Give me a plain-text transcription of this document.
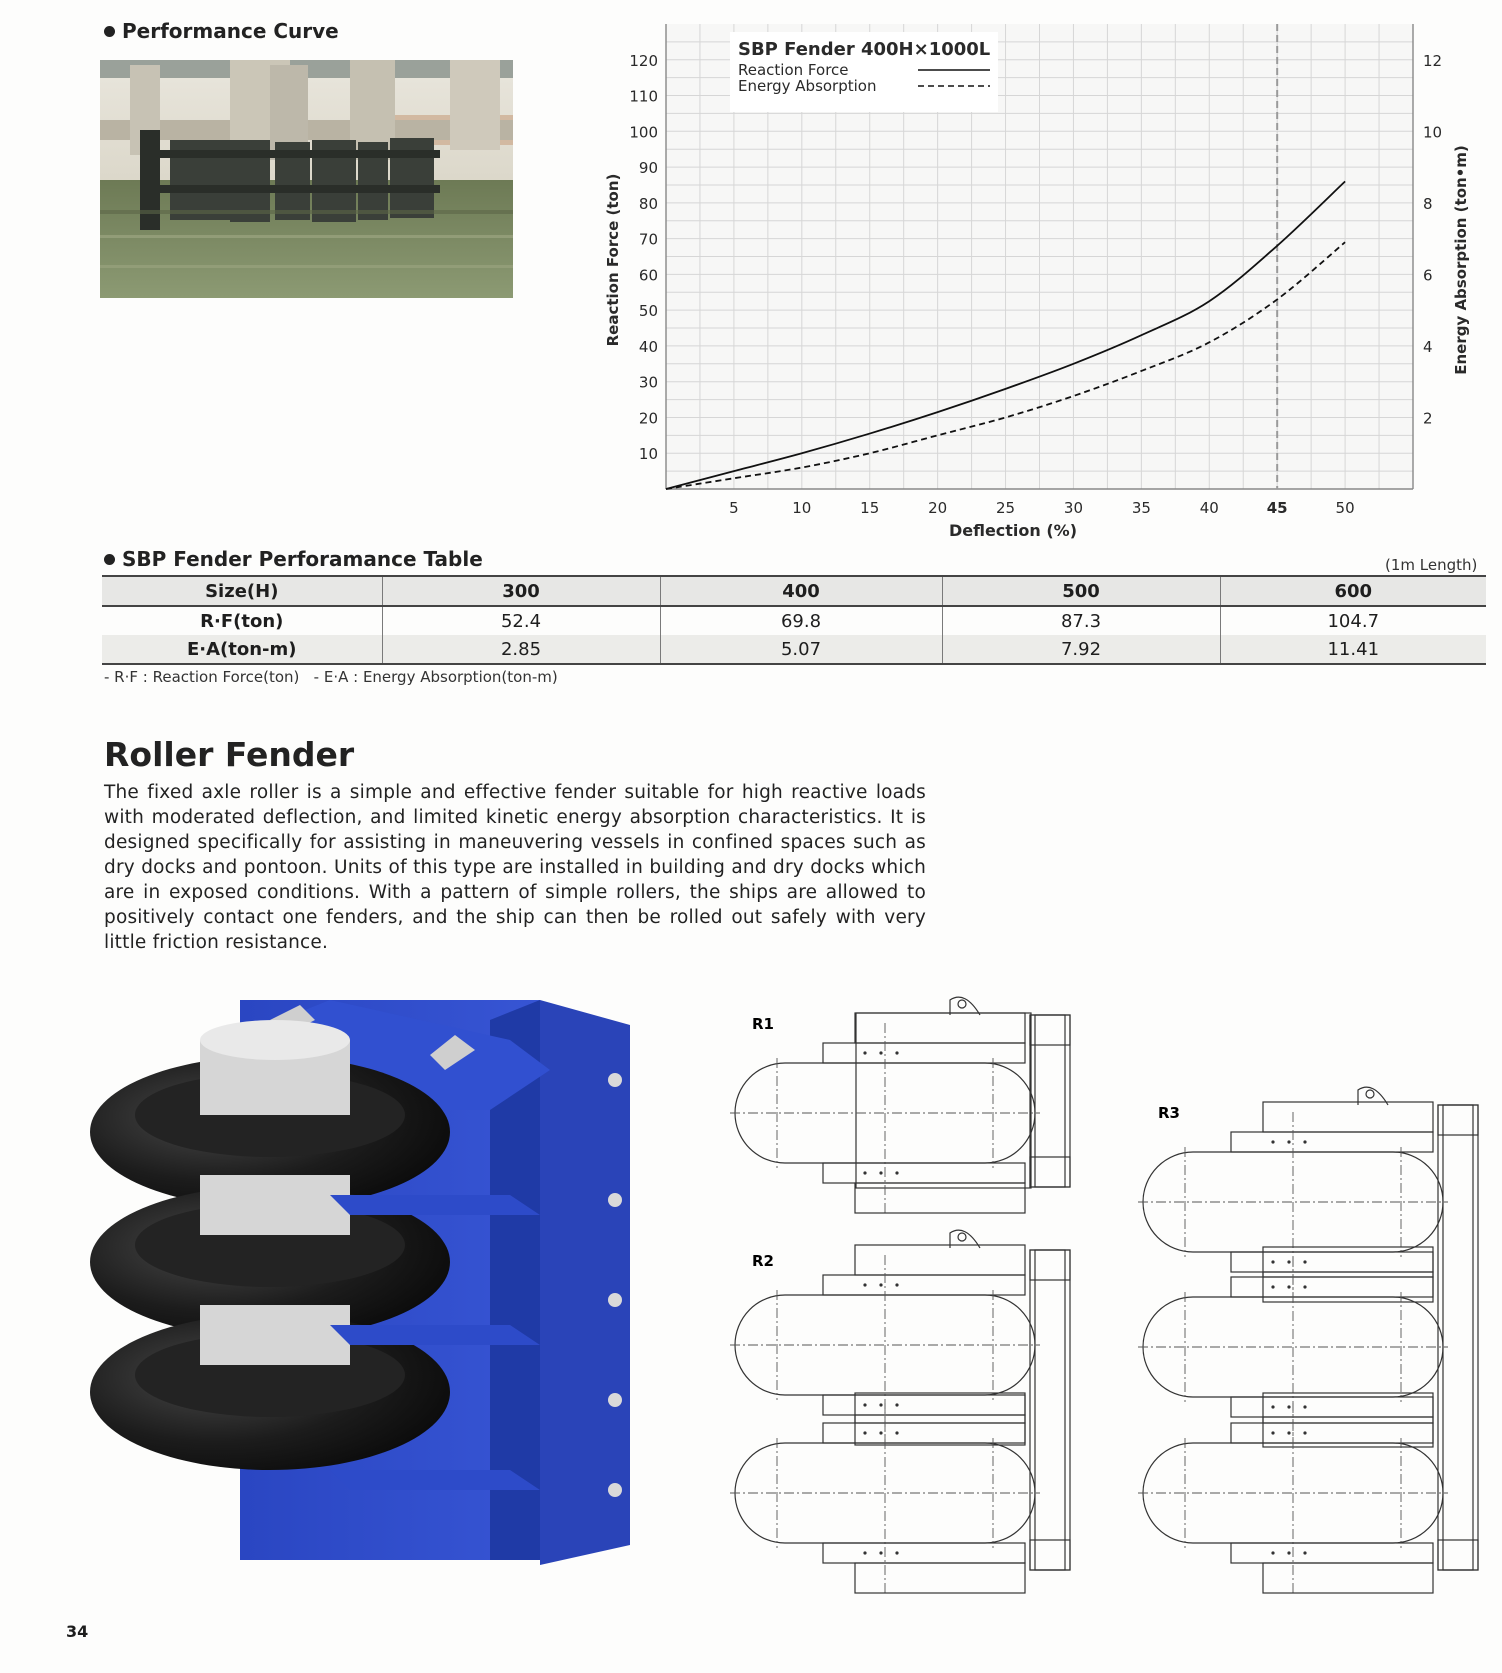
Performance Curve
5	10	15	20	25	30	35	40	45	50
10
20
30
40
50
60
70
80
90
100
110
120
2
4
6
8
10
12
SBP Fender 400H×1000L
Reaction Force
Energy Absorption
Reaction Force (ton)	Energy Absorption (ton•m)
Deflection (%)
SBP Fender Perforamance Table	(1m Length)
Size(H)	300	400	500	600
R·F(ton)	52.4	69.8	87.3	104.7
E·A(ton-m)	2.85	5.07	7.92	11.41
- R·F : Reaction Force(ton)   - E·A : Energy Absorption(ton-m)
Roller Fender
The fixed axle roller is a simple and effective fender suitable for high reactive loads with moderated deflection, and limited kinetic energy absorption characteristics. It is designed specifically for assisting in maneuvering vessels in confined spaces such as dry docks and pontoon. Units of this type are installed in building and dry docks which are in exposed conditions. With a pattern of simple rollers, the ships are allowed to positively contact one fenders, and the ship can then be rolled out safely with very little friction resistance.
R1
R2
R3
34
